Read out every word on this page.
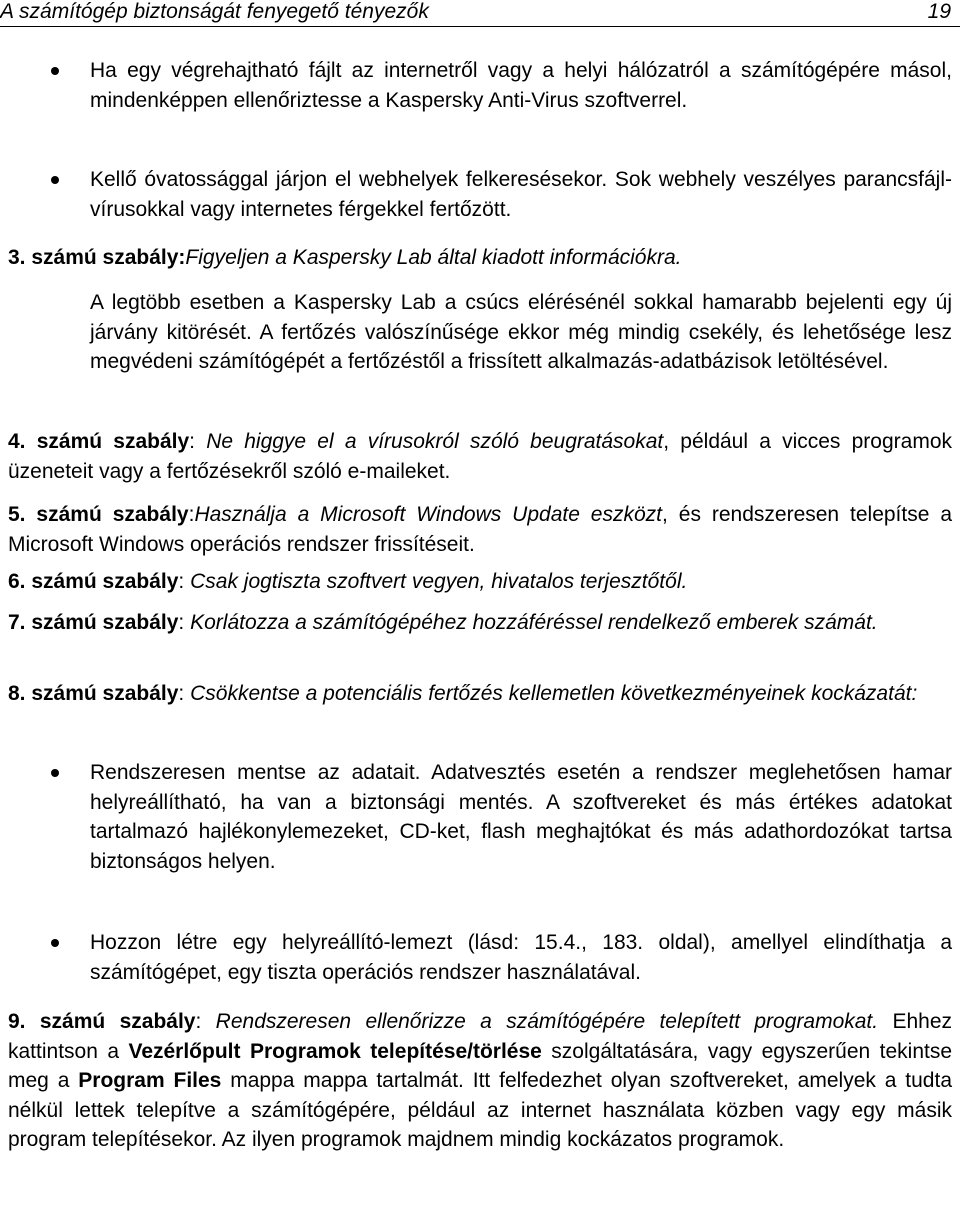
A számítógép biztonságát fenyegető tényezők	19
Ha egy végrehajtható fájlt az internetről vagy a helyi hálózatról a számítógépére másol, mindenképpen ellenőriztesse a Kaspersky Anti-Virus szoftverrel.
Kellő óvatossággal járjon el webhelyek felkeresésekor. Sok webhely veszélyes parancsfájl-vírusokkal vagy internetes férgekkel fertőzött.
3. számú szabály:Figyeljen a Kaspersky Lab által kiadott információkra.
A legtöbb esetben a Kaspersky Lab a csúcs elérésénél sokkal hamarabb bejelenti egy új járvány kitörését. A fertőzés valószínűsége ekkor még mindig csekély, és lehetősége lesz megvédeni számítógépét a fertőzéstől a frissített alkalmazás-adatbázisok letöltésével.
4. számú szabály: Ne higgye el a vírusokról szóló beugratásokat, például a vicces programok üzeneteit vagy a fertőzésekről szóló e-maileket.
5. számú szabály:Használja a Microsoft Windows Update eszközt, és rendszeresen telepítse a Microsoft Windows operációs rendszer frissítéseit.
6. számú szabály: Csak jogtiszta szoftvert vegyen, hivatalos terjesztőtől.
7. számú szabály: Korlátozza a számítógépéhez hozzáféréssel rendelkező emberek számát.
8. számú szabály: Csökkentse a potenciális fertőzés kellemetlen következményeinek kockázatát:
Rendszeresen mentse az adatait. Adatvesztés esetén a rendszer meglehetősen hamar helyreállítható, ha van a biztonsági mentés. A szoftvereket és más értékes adatokat tartalmazó hajlékonylemezeket, CD-ket, flash meghajtókat és más adathordozókat tartsa biztonságos helyen.
Hozzon létre egy helyreállító-lemezt (lásd: 15.4., 183. oldal), amellyel elindíthatja a számítógépet, egy tiszta operációs rendszer használatával.
9. számú szabály: Rendszeresen ellenőrizze a számítógépére telepített programokat. Ehhez kattintson a Vezérlőpult Programok telepítése/törlése szolgáltatására, vagy egyszerűen tekintse meg a Program Files mappa mappa tartalmát. Itt felfedezhet olyan szoftvereket, amelyek a tudta nélkül lettek telepítve a számítógépére, például az internet használata közben vagy egy másik program telepítésekor. Az ilyen programok majdnem mindig kockázatos programok.
